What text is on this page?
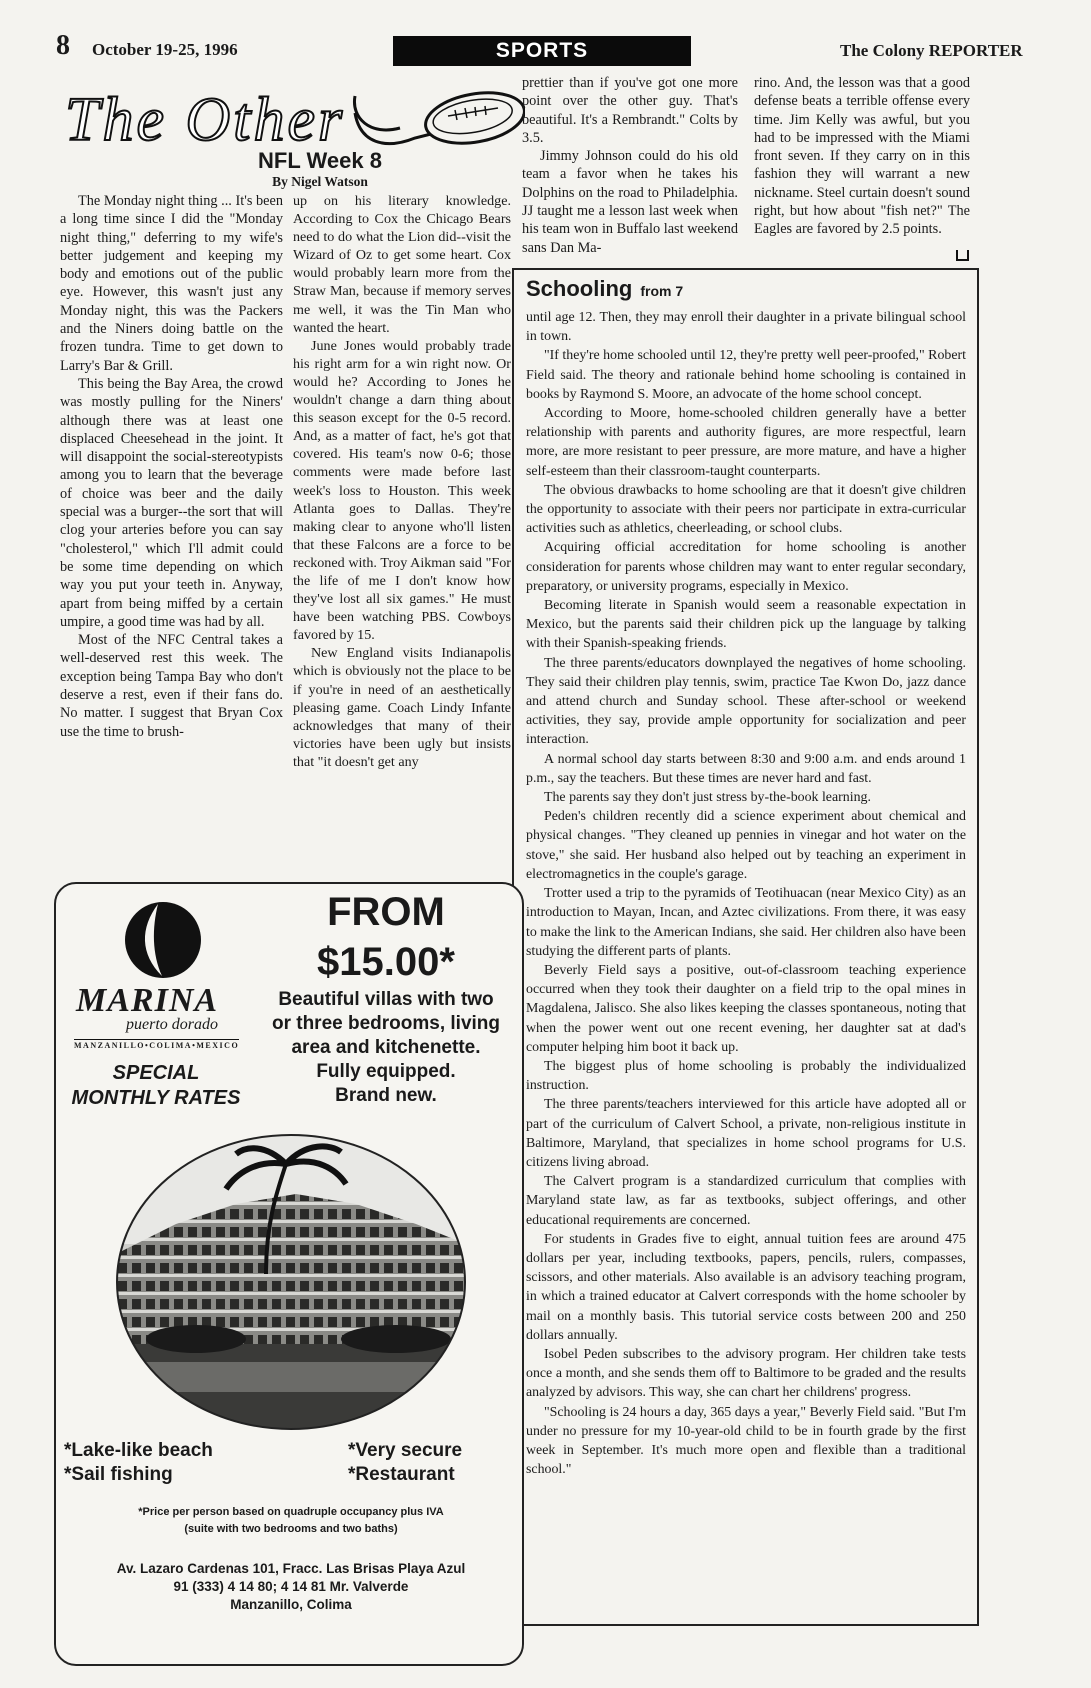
8 October 19-25, 1996	SPORTS	The Colony REPORTER
The Other
NFL Week 8
By Nigel Watson

The Monday night thing ... It's been a long time since I did the "Monday night thing," deferring to my wife's better judgement and keeping my body and emotions out of the public eye. However, this wasn't just any Monday night, this was the Packers and the Niners doing battle on the frozen tundra. Time to get down to Larry's Bar & Grill.

This being the Bay Area, the crowd was mostly pulling for the Niners' although there was at least one displaced Cheesehead in the joint. It will disappoint the social-stereotypists among you to learn that the beverage of choice was beer and the daily special was a burger--the sort that will clog your arteries before you can say "cholesterol," which I'll admit could be some time depending on which way you put your teeth in. Anyway, apart from being miffed by a certain umpire, a good time was had by all.

Most of the NFC Central takes a well-deserved rest this week. The exception being Tampa Bay who don't deserve a rest, even if their fans do. No matter. I suggest that Bryan Cox use the time to brush-

up on his literary knowledge. According to Cox the Chicago Bears need to do what the Lion did--visit the Wizard of Oz to get some heart. Cox would probably learn more from the Straw Man, because if memory serves me well, it was the Tin Man who wanted the heart.

June Jones would probably trade his right arm for a win right now. Or would he? According to Jones he wouldn't change a darn thing about this season except for the 0-5 record. And, as a matter of fact, he's got that covered. His team's now 0-6; those comments were made before last week's loss to Houston. This week Atlanta goes to Dallas. They're making clear to anyone who'll listen that these Falcons are a force to be reckoned with. Troy Aikman said "For the life of me I don't know how they've lost all six games." He must have been watching PBS. Cowboys favored by 15.

New England visits Indianapolis which is obviously not the place to be if you're in need of an aesthetically pleasing game. Coach Lindy Infante acknowledges that many of their victories have been ugly but insists that "it doesn't get any

prettier than if you've got one more point over the other guy. That's beautiful. It's a Rembrandt." Colts by 3.5.

Jimmy Johnson could do his old team a favor when he takes his Dolphins on the road to Philadelphia. JJ taught me a lesson last week when his team won in Buffalo last weekend sans Dan Ma-

rino. And, the lesson was that a good defense beats a terrible offense every time. Jim Kelly was awful, but you had to be impressed with the Miami front seven. If they carry on in this fashion they will warrant a new nickname. Steel curtain doesn't sound right, but how about "fish net?" The Eagles are favored by 2.5 points.

Schooling from 7

until age 12. Then, they may enroll their daughter in a private bilingual school in town.

"If they're home schooled until 12, they're pretty well peer-proofed," Robert Field said. The theory and rationale behind home schooling is contained in books by Raymond S. Moore, an advocate of the home school concept.

According to Moore, home-schooled children generally have a better relationship with parents and authority figures, are more respectful, learn more, are more resistant to peer pressure, are more mature, and have a higher self-esteem than their classroom-taught counterparts.

The obvious drawbacks to home schooling are that it doesn't give children the opportunity to associate with their peers nor participate in extra-curricular activities such as athletics, cheerleading, or school clubs.

Acquiring official accreditation for home schooling is another consideration for parents whose children may want to enter regular secondary, preparatory, or university programs, especially in Mexico.

Becoming literate in Spanish would seem a reasonable expectation in Mexico, but the parents said their children pick up the language by talking with their Spanish-speaking friends.

The three parents/educators downplayed the negatives of home schooling. They said their children play tennis, swim, practice Tae Kwon Do, jazz dance and attend church and Sunday school. These after-school or weekend activities, they say, provide ample opportunity for socialization and peer interaction.

A normal school day starts between 8:30 and 9:00 a.m. and ends around 1 p.m., say the teachers. But these times are never hard and fast.

The parents say they don't just stress by-the-book learning.

Peden's children recently did a science experiment about chemical and physical changes. "They cleaned up pennies in vinegar and hot water on the stove," she said. Her husband also helped out by teaching an experiment in electromagnetics in the couple's garage.

Trotter used a trip to the pyramids of Teotihuacan (near Mexico City) as an introduction to Mayan, Incan, and Aztec civilizations. From there, it was easy to make the link to the American Indians, she said. Her children also have been studying the different parts of plants.

Beverly Field says a positive, out-of-classroom teaching experience occurred when they took their daughter on a field trip to the opal mines in Magdalena, Jalisco. She also likes keeping the classes spontaneous, noting that when the power went out one recent evening, her daughter sat at dad's computer helping him boot it back up.

The biggest plus of home schooling is probably the individualized instruction.

The three parents/teachers interviewed for this article have adopted all or part of the curriculum of Calvert School, a private, non-religious institute in Baltimore, Maryland, that specializes in home school programs for U.S. citizens living abroad.

The Calvert program is a standardized curriculum that complies with Maryland state law, as far as textbooks, subject offerings, and other educational requirements are concerned.

For students in Grades five to eight, annual tuition fees are around 475 dollars per year, including textbooks, papers, pencils, rulers, compasses, scissors, and other materials. Also available is an advisory teaching program, in which a trained educator at Calvert corresponds with the home schooler by mail on a monthly basis. This tutorial service costs between 200 and 250 dollars annually.

Isobel Peden subscribes to the advisory program. Her children take tests once a month, and she sends them off to Baltimore to be graded and the results analyzed by advisors. This way, she can chart her childrens' progress.

"Schooling is 24 hours a day, 365 days a year," Beverly Field said. "But I'm under no pressure for my 10-year-old child to be in fourth grade by the first week in September. It's much more open and flexible than a traditional school."

MARINA
puerto dorado
MANZANILLO•COLIMA•MEXICO
SPECIAL
MONTHLY RATES
FROM
$15.00*
Beautiful villas with two
or three bedrooms, living
area and kitchenette.
Fully equipped.
Brand new.
*Lake-like beach
*Sail fishing
*Very secure
*Restaurant
*Price per person based on quadruple occupancy plus IVA
(suite with two bedrooms and two baths)
Av. Lazaro Cardenas 101, Fracc. Las Brisas Playa Azul
91 (333) 4 14 80; 4 14 81 Mr. Valverde
Manzanillo, Colima
